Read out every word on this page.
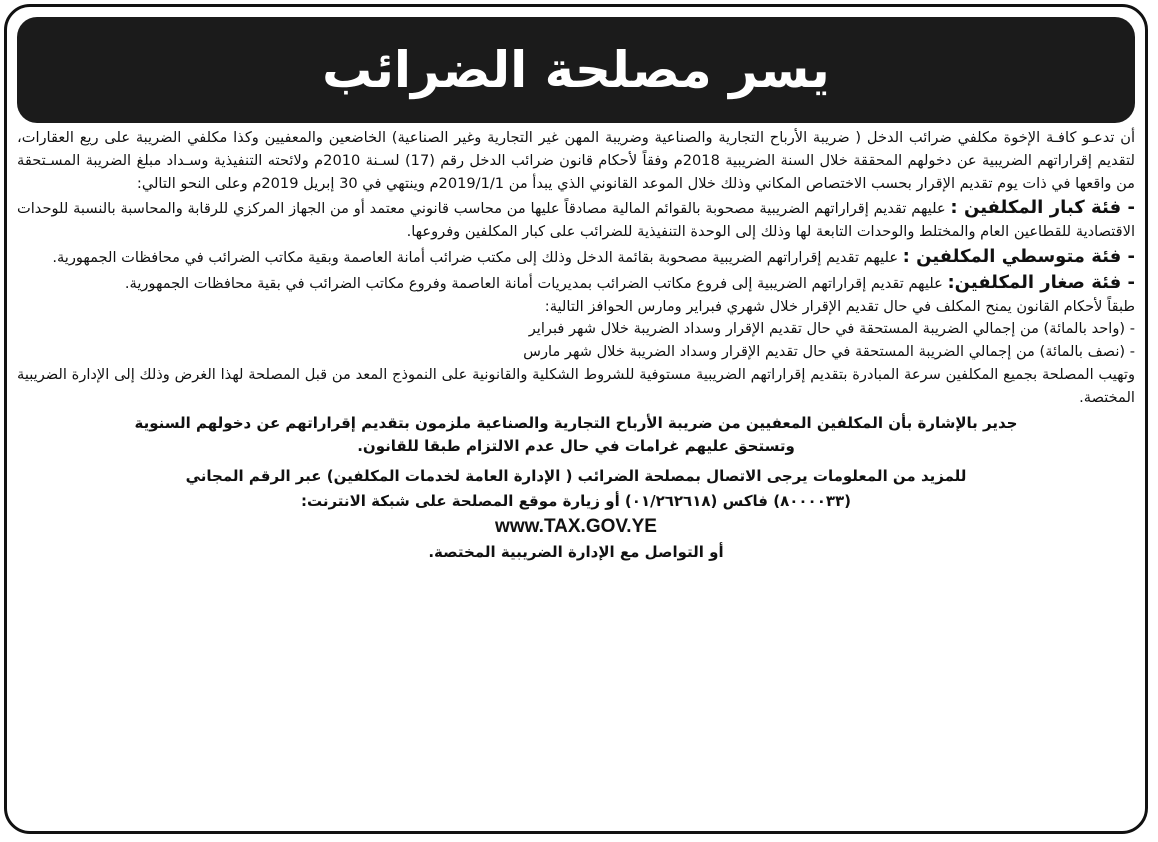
يسر مصلحة الضرائب

أن تدعـو كافـة الإخوة مكلفي ضرائب الدخل ( ضريبة الأرباح التجارية والصناعية وضريبة المهن غير التجارية وغير الصناعية) الخاضعين والمعفيين وكذا مكلفي الضريبة على ريع العقارات، لتقديم إقراراتهم الضريبية عن دخولهم المحققة خلال السنة الضريبية 2018م وفقاً لأحكام قانون ضرائب الدخل رقم (17) لسـنة 2010م ولائحته التنفيذية وسـداد مبلغ الضريبة المسـتحقة من واقعها في ذات يوم تقديم الإقرار بحسب الاختصاص المكاني وذلك خلال الموعد القانوني الذي يبدأ من 2019/1/1م وينتهي في 30 إبريل 2019م وعلى النحو التالي:

- فئة كبار المكلفين : عليهم تقديم إقراراتهم الضريبية مصحوبة بالقوائم المالية مصادقاً عليها من محاسب قانوني معتمد أو من الجهاز المركزي للرقابة والمحاسبة بالنسبة للوحدات الاقتصادية للقطاعين العام والمختلط والوحدات التابعة لها وذلك إلى الوحدة التنفيذية للضرائب على كبار المكلفين وفروعها.

- فئة متوسطي المكلفين : عليهم تقديم إقراراتهم الضريبية مصحوبة بقائمة الدخل وذلك إلى مكتب ضرائب أمانة العاصمة وبقية مكاتب الضرائب في محافظات الجمهورية.

- فئة صغار المكلفين: عليهم تقديم إقراراتهم الضريبية إلى فروع مكاتب الضرائب بمديريات أمانة العاصمة وفروع مكاتب الضرائب في بقية محافظات الجمهورية.

طبقاً لأحكام القانون يمنح المكلف في حال تقديم الإقرار خلال شهري فبراير ومارس الحوافز التالية:

- (واحد بالمائة) من إجمالي الضريبة المستحقة في حال تقديم الإقرار وسداد الضريبة خلال شهر فبراير

- (نصف بالمائة) من إجمالي الضريبة المستحقة في حال تقديم الإقرار وسداد الضريبة خلال شهر مارس

وتهيب المصلحة بجميع المكلفين سرعة المبادرة بتقديم إقراراتهم الضريبية مستوفية للشروط الشكلية والقانونية على النموذج المعد من قبل المصلحة لهذا الغرض وذلك إلى الإدارة الضريبية المختصة.

جدير بالإشارة بأن المكلفين المعفيين من ضريبة الأرباح التجارية والصناعية ملزمون بتقديم إقراراتهم عن دخولهم السنوية

وتستحق عليهم غرامات في حال عدم الالتزام طبقا للقانون.

للمزيد من المعلومات يرجى الاتصال بمصلحة الضرائب ( الإدارة العامة لخدمات المكلفين) عبر الرقم المجاني

(٨٠٠٠٠٣٣) فاكس (٠١/٢٦٢٦١٨) أو زيارة موقع المصلحة على شبكة الانترنت:

www.TAX.GOV.YE

أو التواصل مع الإدارة الضريبية المختصة.
